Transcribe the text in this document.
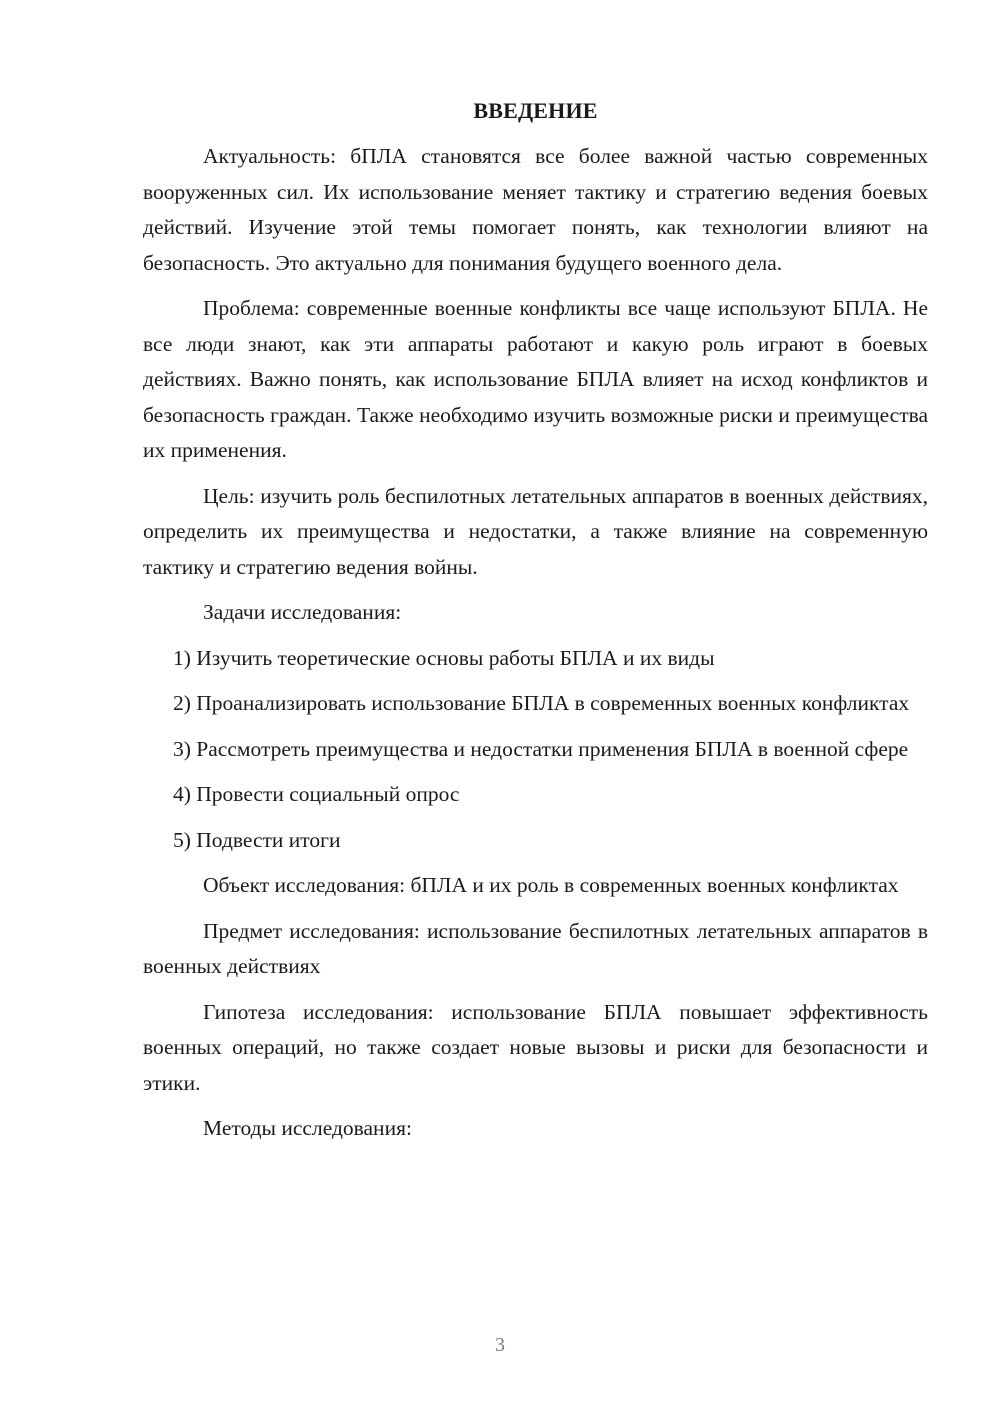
ВВЕДЕНИЕ

Актуальность: бПЛА становятся все более важной частью современных вооруженных сил. Их использование меняет тактику и стратегию ведения боевых действий. Изучение этой темы помогает понять, как технологии влияют на безопасность. Это актуально для понимания будущего военного дела.

Проблема: современные военные конфликты все чаще используют БПЛА. Не все люди знают, как эти аппараты работают и какую роль играют в боевых действиях. Важно понять, как использование БПЛА влияет на исход конфликтов и безопасность граждан. Также необходимо изучить возможные риски и преимущества их применения.

Цель: изучить роль беспилотных летательных аппаратов в военных действиях, определить их преимущества и недостатки, а также влияние на современную тактику и стратегию ведения войны.

Задачи исследования:

1) Изучить теоретические основы работы БПЛА и их виды

2) Проанализировать использование БПЛА в современных военных конфликтах

3) Рассмотреть преимущества и недостатки применения БПЛА в военной сфере

4) Провести социальный опрос

5) Подвести итоги

Объект исследования: бПЛА и их роль в современных военных конфликтах

Предмет исследования: использование беспилотных летательных аппаратов в военных действиях

Гипотеза исследования: использование БПЛА повышает эффективность военных операций, но также создает новые вызовы и риски для безопасности и этики.

Методы исследования:

3
